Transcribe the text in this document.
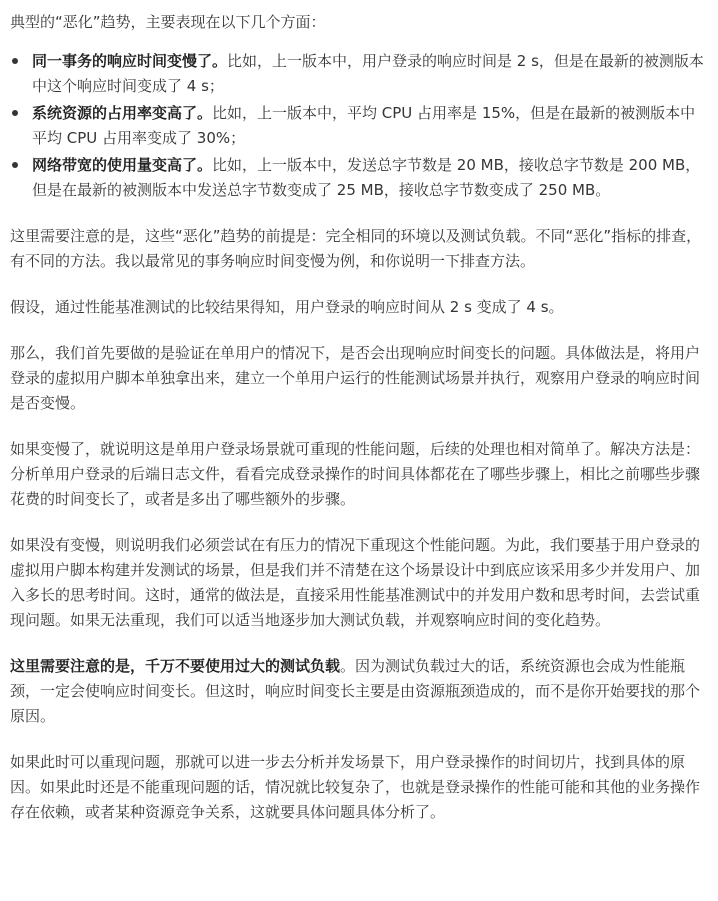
典型的“恶化”趋势，主要表现在以下几个方面：

同一事务的响应时间变慢了。比如，上一版本中，用户登录的响应时间是 2 s，但是在最新的被测版本中这个响应时间变成了 4 s；
系统资源的占用率变高了。比如，上一版本中，平均 CPU 占用率是 15%，但是在最新的被测版本中平均 CPU 占用率变成了 30%；
网络带宽的使用量变高了。比如，上一版本中，发送总字节数是 20 MB，接收总字节数是 200 MB，但是在最新的被测版本中发送总字节数变成了 25 MB，接收总字节数变成了 250 MB。

这里需要注意的是，这些“恶化”趋势的前提是：完全相同的环境以及测试负载。不同“恶化”指标的排查，有不同的方法。我以最常见的事务响应时间变慢为例，和你说明一下排查方法。

假设，通过性能基准测试的比较结果得知，用户登录的响应时间从 2 s 变成了 4 s。

那么，我们首先要做的是验证在单用户的情况下，是否会出现响应时间变长的问题。具体做法是，将用户登录的虚拟用户脚本单独拿出来，建立一个单用户运行的性能测试场景并执行，观察用户登录的响应时间是否变慢。

如果变慢了，就说明这是单用户登录场景就可重现的性能问题，后续的处理也相对简单了。解决方法是：分析单用户登录的后端日志文件，看看完成登录操作的时间具体都花在了哪些步骤上，相比之前哪些步骤花费的时间变长了，或者是多出了哪些额外的步骤。

如果没有变慢，则说明我们必须尝试在有压力的情况下重现这个性能问题。为此，我们要基于用户登录的虚拟用户脚本构建并发测试的场景，但是我们并不清楚在这个场景设计中到底应该采用多少并发用户、加入多长的思考时间。这时，通常的做法是，直接采用性能基准测试中的并发用户数和思考时间，去尝试重现问题。如果无法重现，我们可以适当地逐步加大测试负载，并观察响应时间的变化趋势。

这里需要注意的是，千万不要使用过大的测试负载。因为测试负载过大的话，系统资源也会成为性能瓶颈，一定会使响应时间变长。但这时，响应时间变长主要是由资源瓶颈造成的，而不是你开始要找的那个原因。

如果此时可以重现问题，那就可以进一步去分析并发场景下，用户登录操作的时间切片，找到具体的原因。如果此时还是不能重现问题的话，情况就比较复杂了，也就是登录操作的性能可能和其他的业务操作存在依赖，或者某种资源竞争关系，这就要具体问题具体分析了。
